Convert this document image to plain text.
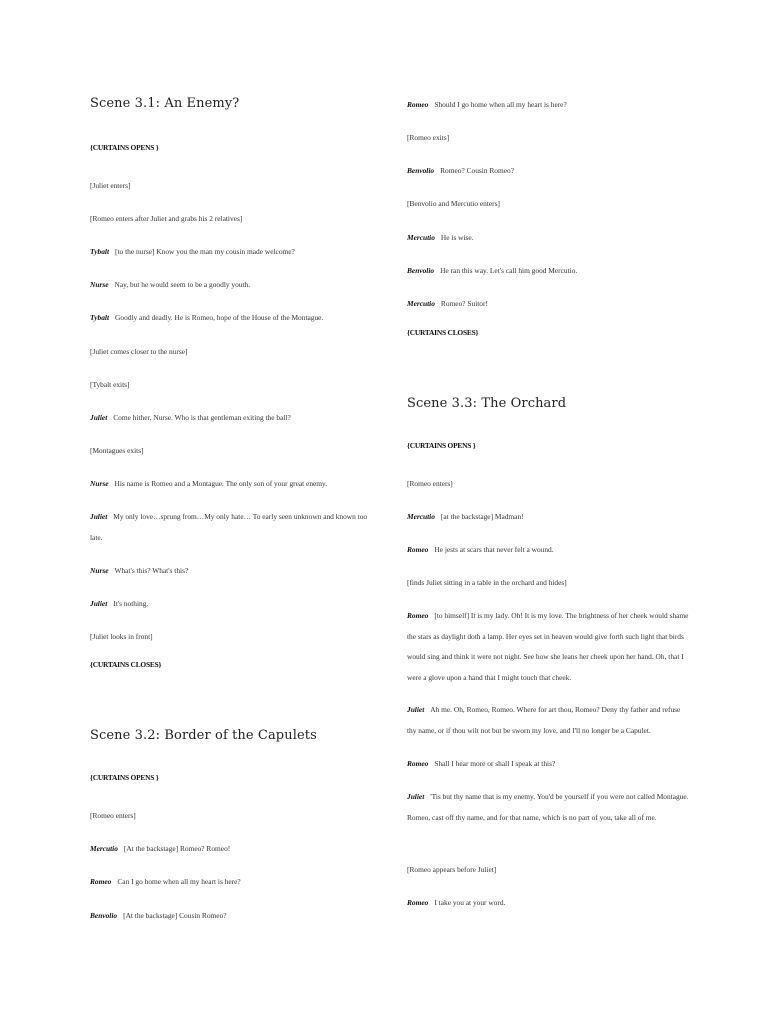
Scene 3.1: An Enemy?
{CURTAINS OPENS }
[Juliet enters]
[Romeo enters after Juliet and grabs his 2 relatives]
Tybalt [to the nurse] Know you the man my cousin made welcome?
Nurse Nay, but he would seem to be a goodly youth.
Tybalt Goodly and deadly. He is Romeo, hope of the House of the Montague.
[Juliet comes closer to the nurse]
[Tybalt exits]
Juliet Come hither, Nurse. Who is that gentleman exiting the ball?
[Montagues exits]
Nurse His name is Romeo and a Montague. The only son of your great enemy.
Juliet My only love…sprung from…My only hate… To early seen unknown and known too late.
Nurse What's this? What's this?
Juliet It's nothing.
[Juliet looks in front]
{CURTAINS CLOSES}
Scene 3.2: Border of the Capulets
{CURTAINS OPENS }
[Romeo enters]
Mercutio [At the backstage] Romeo? Romeo!
Romeo Can I go home when all my heart is here?
Benvolio [At the backstage] Cousin Romeo?
Romeo Should I go home when all my heart is here?
[Romeo exits]
Benvolio Romeo? Cousin Romeo?
[Benvolio and Mercutio enters]
Mercutio He is wise.
Benvolio He ran this way. Let's call him good Mercutio.
Mercutio Romeo? Suitor!
{CURTAINS CLOSES}
Scene 3.3: The Orchard
{CURTAINS OPENS }
[Romeo enters]
Mercutio [at the backstage] Madman!
Romeo He jests at scars that never felt a wound.
[finds Juliet sitting in a table in the orchard and hides]
Romeo [to himself] It is my lady. Oh! It is my love. The brightness of her cheek would shame the stars as daylight doth a lamp. Her eyes set in heaven would give forth such light that birds would sing and think it were not night. See how she leans her cheek upon her hand. Oh, that I were a glove upon a hand that I might touch that cheek.
Juliet Ah me. Oh, Romeo, Romeo. Where for art thou, Romeo? Deny thy father and refuse thy name, or if thou wilt not but be sworn my love, and I'll no longer be a Capulet.
Romeo Shall I hear more or shall I speak at this?
Juliet 'Tis but thy name that is my enemy. You'd be yourself if you were not called Montague. Romeo, cast off thy name, and for that name, which is no part of you, take all of me.
[Romeo appears before Juliet]
Romeo I take you at your word.
